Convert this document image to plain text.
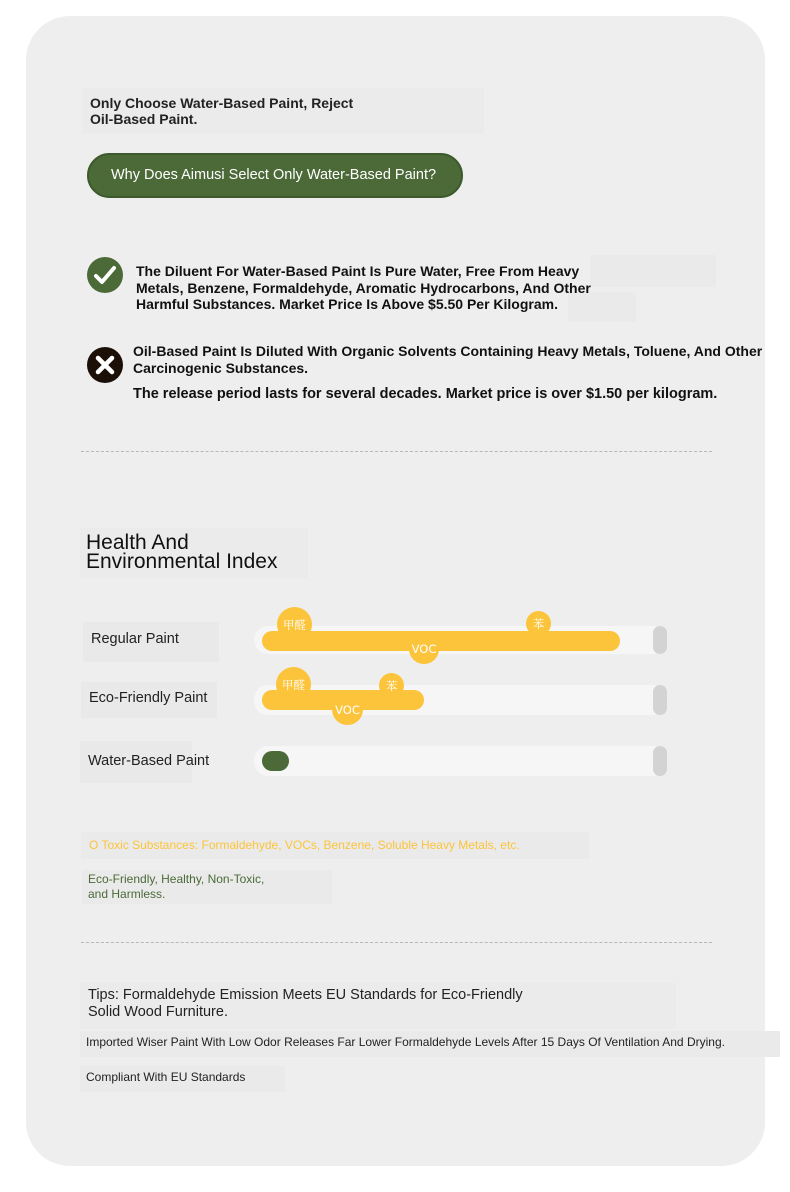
Only Choose Water-Based Paint, Reject
Oil-Based Paint.
Why Does Aimusi Select Only Water-Based Paint?
The Diluent For Water-Based Paint Is Pure Water, Free From Heavy
Metals, Benzene, Formaldehyde, Aromatic Hydrocarbons, And Other
Harmful Substances. Market Price Is Above $5.50 Per Kilogram.
Oil-Based Paint Is Diluted With Organic Solvents Containing Heavy Metals, Toluene, And Other
Carcinogenic Substances.
The release period lasts for several decades. Market price is over $1.50 per kilogram.
Health And
Environmental Index
Regular Paint
甲醛	苯
VOC
Eco-Friendly Paint
甲醛	苯
VOC
Water-Based Paint
O Toxic Substances: Formaldehyde, VOCs, Benzene, Soluble Heavy Metals, etc.
Eco-Friendly, Healthy, Non-Toxic,
and Harmless.
Tips: Formaldehyde Emission Meets EU Standards for Eco-Friendly
Solid Wood Furniture.
Imported Wiser Paint With Low Odor Releases Far Lower Formaldehyde Levels After 15 Days Of Ventilation And Drying.
Compliant With EU Standards
